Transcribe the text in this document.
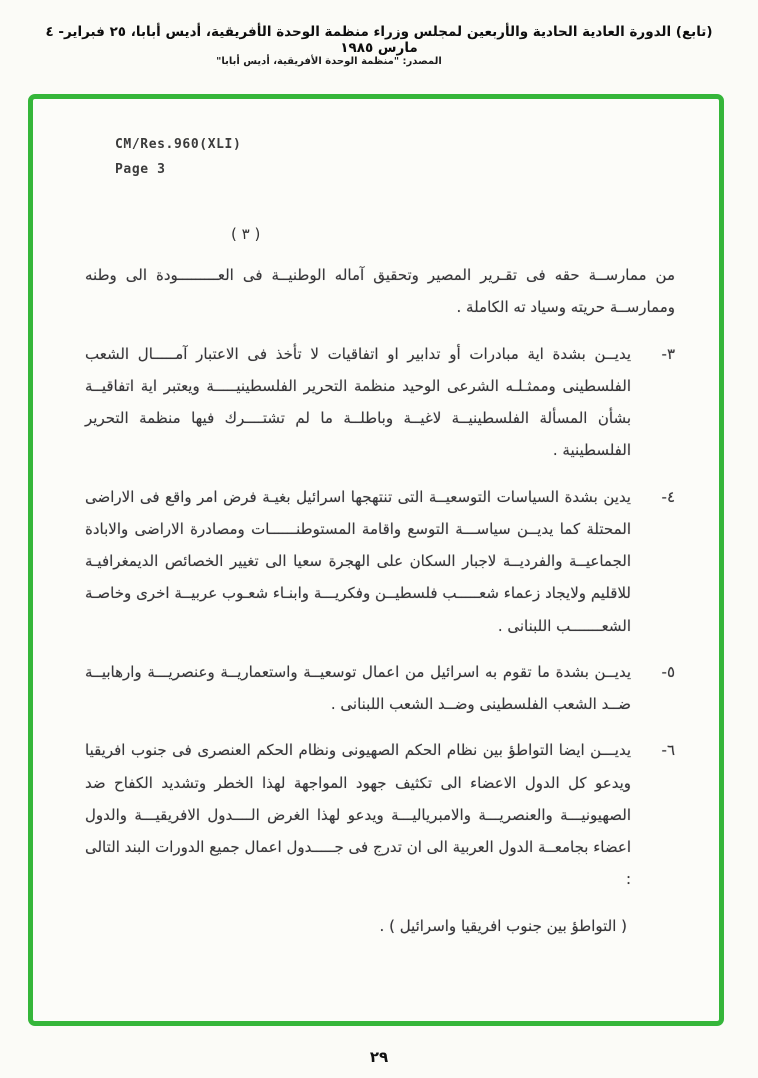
(تابع) الدورة العادية الحادية والأربعين لمجلس وزراء منظمة الوحدة الأفريقية، أديس أبابا، ٢٥ فبراير- ٤ مارس ١٩٨٥
المصدر: "منظمة الوحدة الأفريقية، أديس أبابا"
CM/Res.960(XLI)
Page 3
( ٣ )

من ممارســة حقه فى تقـرير المصير وتحقيق آماله الوطنيــة فى العـــــــــودة الى وطنه وممارســة حريته وسياد ته الكاملة .

٣-
يديــن بشدة اية مبادرات أو تدابير او اتفاقيات لا تأخذ فى الاعتبار آمـــــال الشعب الفلسطينى وممثـلـه الشرعى الوحيد منظمة التحرير الفلسطينيـــــة ويعتبر اية اتفاقيــة بشأن المسألة الفلسطينيــة لاغيــة وباطلــة ما لم تشتــــرك فيها منظمة التحرير الفلسطينية .
٤-
يدين بشدة السياسات التوسعيــة التى تنتهجها اسرائيل بغيـة فرض امر واقع فى الاراضى المحتلة كما يديــن سياســـة التوسع واقامة المستوطنــــــات ومصادرة الاراضى والابادة الجماعيــة والفرديــة لاجبار السكان على الهجرة سعيا الى تغيير الخصائص الديمغرافيـة للاقليم ولايجاد زعماء شعـــــب فلسطيــن وفكريـــة وابنـاء شعـوب عربيــة اخرى وخاصـة الشعـــــــب اللبنانى .
٥-
يديــن بشدة ما تقوم به اسرائيل من اعمال توسعيــة واستعماريــة وعنصريـــة وارهابيــة ضــد الشعب الفلسطينى وضــد الشعب اللبنانى .
٦-
يديـــن ايضا التواطؤ بين نظام الحكم الصهيونى ونظام الحكم العنصرى فى جنوب افريقيا ويدعو كل الدول الاعضاء الى تكثيف جهود المواجهة لهذا الخطر وتشديد الكفاح ضد الصهيونيـــة والعنصريـــة والامبرياليـــة ويدعو لهذا الغرض الــــدول الافريقيـــة والدول اعضاء بجامعــة الدول العربية الى ان تدرج فى جـــــدول اعمال جميع الدورات البند التالى :

( التواطؤ بين جنوب افريقيا واسرائيل ) .

٢٩
